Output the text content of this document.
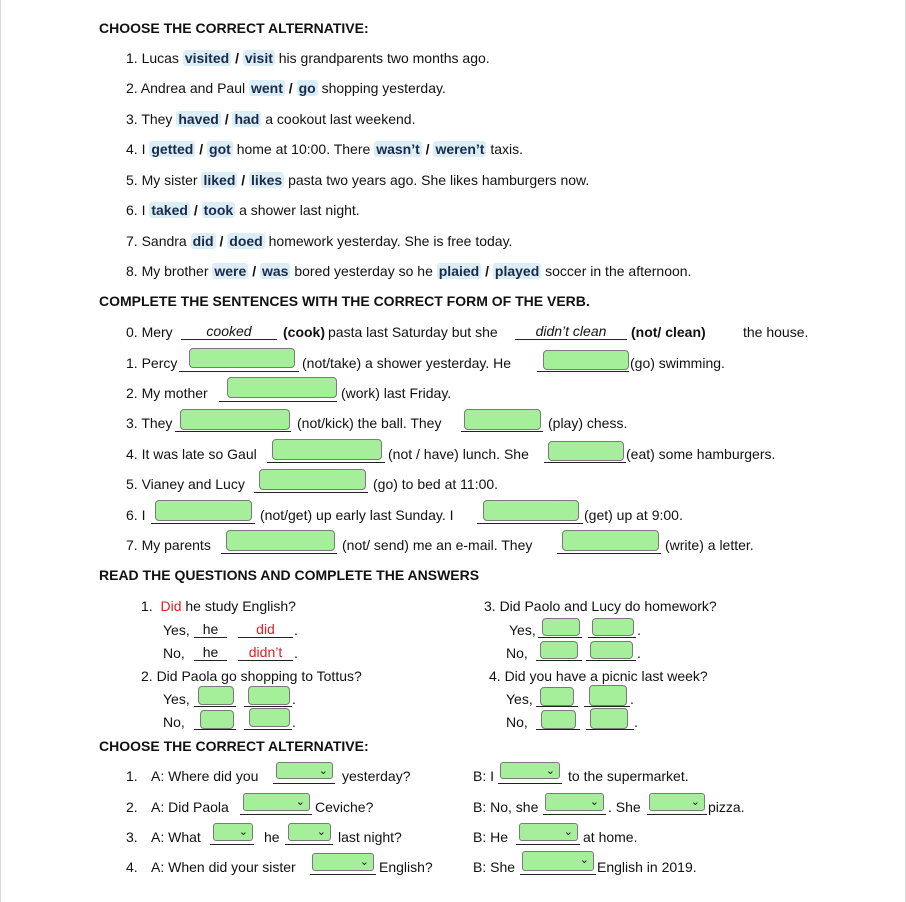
CHOOSE THE CORRECT ALTERNATIVE:
1. Lucas visited / visit his grandparents two months ago.
2. Andrea and Paul went / go shopping yesterday.
3. They haved / had a cookout last weekend.
4. I getted / got home at 10:00. There wasn’t / weren’t taxis.
5. My sister liked / likes pasta two years ago. She likes hamburgers now.
6. I taked / took a shower last night.
7. Sandra did / doed homework yesterday. She is free today.
8. My brother were / was bored yesterday so he plaied / played soccer in the afternoon.
COMPLETE THE SENTENCES WITH THE CORRECT FORM OF THE VERB.
0. Mery	cooked	(cook) pasta last Saturday but she	didn’t clean	(not/ clean)	the house.
1. Percy	(not/take) a shower yesterday. He	(go) swimming.
2. My mother	(work) last Friday.
3. They	(not/kick) the ball. They	(play) chess.
4. It was late so Gaul	(not / have) lunch. She	(eat) some hamburgers.
5. Vianey and Lucy	(go) to bed at 11:00.
6. I	(not/get) up early last Sunday. I	(get) up at 9:00.
7. My parents	(not/ send) me an e-mail. They	(write) a letter.
READ THE QUESTIONS AND COMPLETE THE ANSWERS
1. Did he study English?
Yes, he	did	.
No,	he	didn’t .
2. Did Paola go shopping to Tottus?
Yes,	.
No,	.
3. Did Paolo and Lucy do homework?
Yes,	.
No,	.
4. Did you have a picnic last week?
Yes,	.
No,	.
CHOOSE THE CORRECT ALTERNATIVE:
1. A: Where did you	⌄ yesterday?	B: I	⌄ to the supermarket.
2. A: Did Paola	⌄ Ceviche?	B: No, she	⌄ . She	⌄ pizza.
3. A: What	⌄ he	⌄ last night?	B: He	⌄ at home.
4. A: When did your sister	⌄ English?	B: She	⌄ English in 2019.
